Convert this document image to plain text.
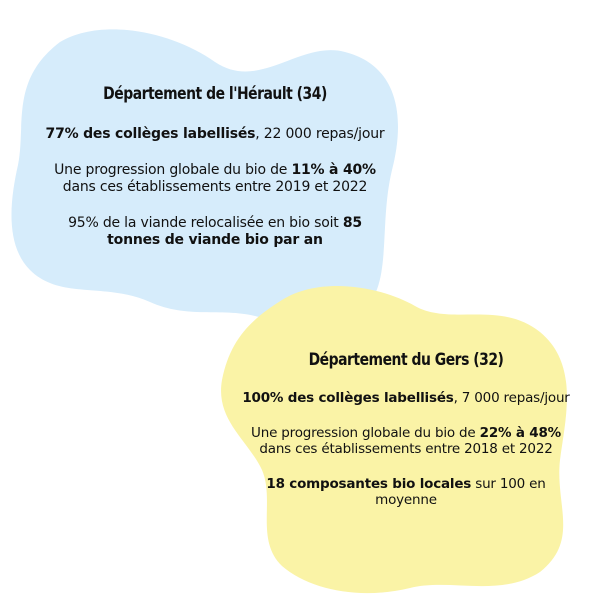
Département de l'Hérault (34)

77% des collèges labellisés, 22 000 repas/jour

Une progression globale du bio de 11% à 40% dans ces établissements entre 2019 et 2022

95% de la viande relocalisée en bio soit 85 tonnes de viande bio par an

Département du Gers (32)

100% des collèges labellisés, 7 000 repas/jour

Une progression globale du bio de 22% à 48% dans ces établissements entre 2018 et 2022

18 composantes bio locales sur 100 en moyenne
